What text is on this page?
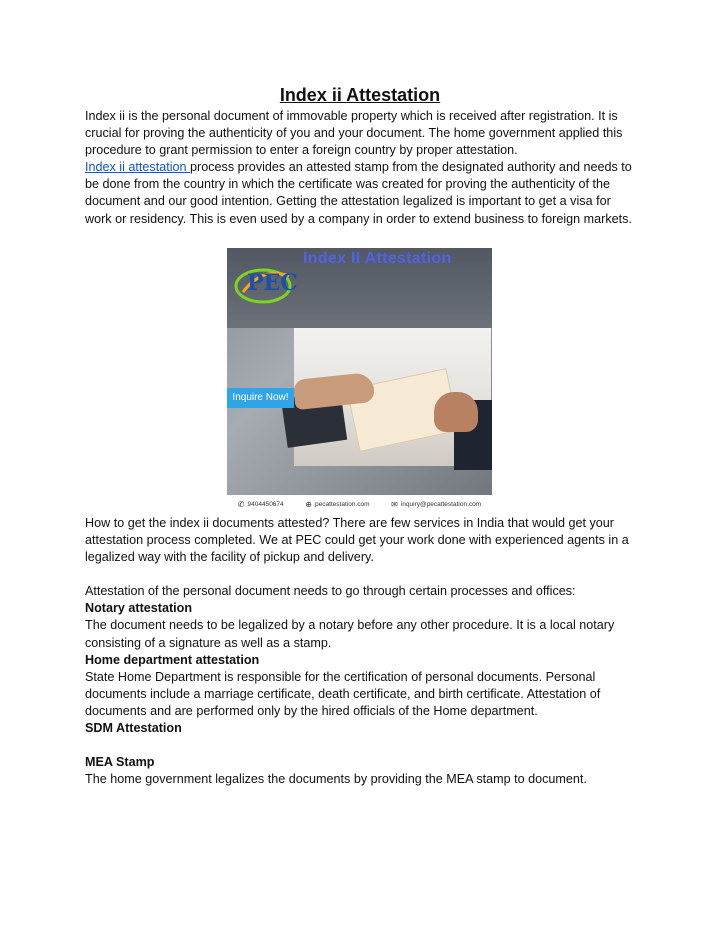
Index ii Attestation

Index ii is the personal document of immovable property which is received after registration. It is crucial for proving the authenticity of you and your document. The home government applied this procedure to grant permission to enter a foreign country by proper attestation.
Index ii attestation process provides an attested stamp from the designated authority and needs to be done from the country in which the certificate was created for proving the authenticity of the document and our good intention. Getting the attestation legalized is important to get a visa for work or residency. This is even used by a company in order to extend business to foreign markets.

Index II Attestation
PEC
Inquire Now!
✆ 9404450674	⊕ pecattestation.com	✉ inquiry@pecattestation.com

How to get the index ii documents attested? There are few services in India that would get your attestation process completed. We at PEC could get your work done with experienced agents in a legalized way with the facility of pickup and delivery.

Attestation of the personal document needs to go through certain processes and offices:

Notary attestation

The document needs to be legalized by a notary before any other procedure. It is a local notary consisting of a signature as well as a stamp.

Home department attestation

State Home Department is responsible for the certification of personal documents. Personal documents include a marriage certificate, death certificate, and birth certificate. Attestation of documents and are performed only by the hired officials of the Home department.

SDM Attestation

MEA Stamp

The home government legalizes the documents by providing the MEA stamp to document.
